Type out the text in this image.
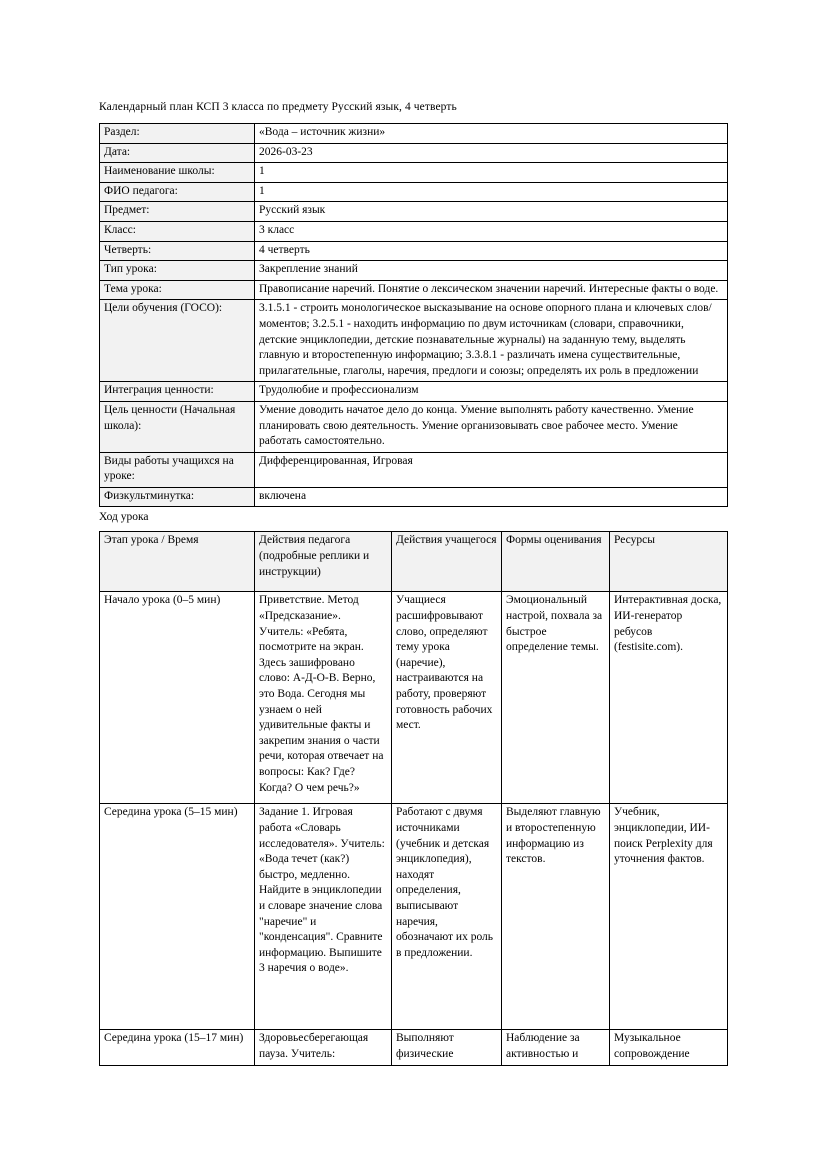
Календарный план КСП 3 класса по предмету Русский язык, 4 четверть

Раздел:	«Вода – источник жизни»
Дата:	2026-03-23
Наименование школы:	1
ФИО педагога:	1
Предмет:	Русский язык
Класс:	3 класс
Четверть:	4 четверть
Тип урока:	Закрепление знаний
Тема урока:	Правописание наречий. Понятие о лексическом значении наречий. Интересные факты о воде.
Цели обучения (ГОСО):	3.1.5.1 - строить монологическое высказывание на основе опорного плана и ключевых слов/моментов; 3.2.5.1 - находить информацию по двум источникам (словари, справочники, детские энциклопедии, детские познавательные журналы) на заданную тему, выделять главную и второстепенную информацию; 3.3.8.1 - различать имена существительные, прилагательные, глаголы, наречия, предлоги и союзы; определять их роль в предложении
Интеграция ценности:	Трудолюбие и профессионализм
Цель ценности (Начальная школа):	Умение доводить начатое дело до конца. Умение выполнять работу качественно. Умение планировать свою деятельность. Умение организовывать свое рабочее место. Умение работать самостоятельно.
Виды работы учащихся на уроке:	Дифференцированная, Игровая
Физкультминутка:	включена

Ход урока

Этап урока / Время	Действия педагога (подробные реплики и инструкции)	Действия учащегося	Формы оценивания	Ресурсы
Начало урока (0–5 мин)	Приветствие. Метод «Предсказание». Учитель: «Ребята, посмотрите на экран. Здесь зашифровано слово: А-Д-О-В. Верно, это Вода. Сегодня мы узнаем о ней удивительные факты и закрепим знания о части речи, которая отвечает на вопросы: Как? Где? Когда? О чем речь?»	Учащиеся расшифровывают слово, определяют тему урока (наречие), настраиваются на работу, проверяют готовность рабочих мест.	Эмоциональный настрой, похвала за быстрое определение темы.	Интерактивная доска, ИИ-генератор ребусов (festisite.com).
Середина урока (5–15 мин)	Задание 1. Игровая работа «Словарь исследователя». Учитель: «Вода течет (как?) быстро, медленно. Найдите в энциклопедии и словаре значение слова "наречие" и "конденсация". Сравните информацию. Выпишите 3 наречия о воде».	Работают с двумя источниками (учебник и детская энциклопедия), находят определения, выписывают наречия, обозначают их роль в предложении.	Выделяют главную и второстепенную информацию из текстов.	Учебник, энциклопедии, ИИ-поиск Perplexity для уточнения фактов.
Середина урока (15–17 мин)	Здоровьесберегающая пауза. Учитель:	Выполняют физические	Наблюдение за активностью и	Музыкальное сопровождение
